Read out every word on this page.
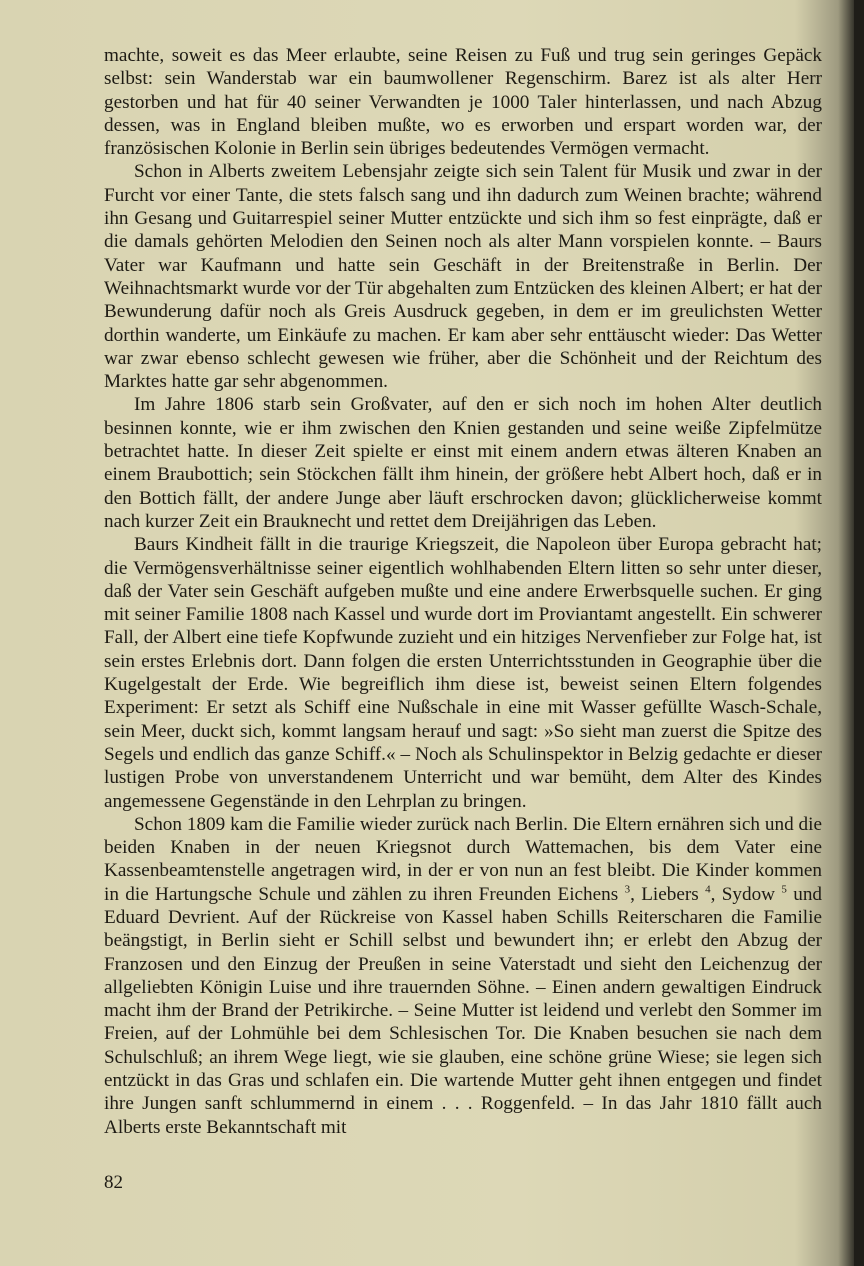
machte, soweit es das Meer erlaubte, seine Reisen zu Fuß und trug sein geringes Gepäck selbst: sein Wanderstab war ein baumwollener Regenschirm. Barez ist als alter Herr gestorben und hat für 40 seiner Verwandten je 1000 Taler hinterlassen, und nach Abzug dessen, was in England bleiben mußte, wo es erworben und erspart worden war, der französischen Kolonie in Berlin sein übriges bedeutendes Vermögen vermacht.

Schon in Alberts zweitem Lebensjahr zeigte sich sein Talent für Musik und zwar in der Furcht vor einer Tante, die stets falsch sang und ihn dadurch zum Weinen brachte; während ihn Gesang und Guitarrespiel seiner Mutter entzückte und sich ihm so fest einprägte, daß er die damals gehörten Melodien den Seinen noch als alter Mann vorspielen konnte. – Baurs Vater war Kaufmann und hatte sein Geschäft in der Breitenstraße in Berlin. Der Weihnachtsmarkt wurde vor der Tür abgehalten zum Entzücken des kleinen Albert; er hat der Bewunderung dafür noch als Greis Ausdruck gegeben, in dem er im greulichsten Wetter dorthin wanderte, um Einkäufe zu machen. Er kam aber sehr enttäuscht wieder: Das Wetter war zwar ebenso schlecht gewesen wie früher, aber die Schönheit und der Reichtum des Marktes hatte gar sehr abgenommen.

Im Jahre 1806 starb sein Großvater, auf den er sich noch im hohen Alter deutlich besinnen konnte, wie er ihm zwischen den Knien gestanden und seine weiße Zipfelmütze betrachtet hatte. In dieser Zeit spielte er einst mit einem andern etwas älteren Knaben an einem Braubottich; sein Stöckchen fällt ihm hinein, der größere hebt Albert hoch, daß er in den Bottich fällt, der andere Junge aber läuft erschrocken davon; glücklicherweise kommt nach kurzer Zeit ein Brauknecht und rettet dem Dreijährigen das Leben.

Baurs Kindheit fällt in die traurige Kriegszeit, die Napoleon über Europa gebracht hat; die Vermögensverhältnisse seiner eigentlich wohlhabenden Eltern litten so sehr unter dieser, daß der Vater sein Geschäft aufgeben mußte und eine andere Erwerbsquelle suchen. Er ging mit seiner Familie 1808 nach Kassel und wurde dort im Proviantamt angestellt. Ein schwerer Fall, der Albert eine tiefe Kopfwunde zuzieht und ein hitziges Nervenfieber zur Folge hat, ist sein erstes Erlebnis dort. Dann folgen die ersten Unterrichtsstunden in Geographie über die Kugelgestalt der Erde. Wie begreiflich ihm diese ist, beweist seinen Eltern folgendes Experiment: Er setzt als Schiff eine Nußschale in eine mit Wasser gefüllte Wasch-Schale, sein Meer, duckt sich, kommt langsam herauf und sagt: »So sieht man zuerst die Spitze des Segels und endlich das ganze Schiff.« – Noch als Schulinspektor in Belzig gedachte er dieser lustigen Probe von unverstandenem Unterricht und war bemüht, dem Alter des Kindes angemessene Gegenstände in den Lehrplan zu bringen.

Schon 1809 kam die Familie wieder zurück nach Berlin. Die Eltern ernähren sich und die beiden Knaben in der neuen Kriegsnot durch Wattemachen, bis dem Vater eine Kassenbeamtenstelle angetragen wird, in der er von nun an fest bleibt. Die Kinder kommen in die Hartungsche Schule und zählen zu ihren Freunden Eichens $^3$, Liebers $^4$, Sydow $^5$ und Eduard Devrient. Auf der Rückreise von Kassel haben Schills Reiterscharen die Familie beängstigt, in Berlin sieht er Schill selbst und bewundert ihn; er erlebt den Abzug der Franzosen und den Einzug der Preußen in seine Vaterstadt und sieht den Leichenzug der allgeliebten Königin Luise und ihre trauernden Söhne. – Einen andern gewaltigen Eindruck macht ihm der Brand der Petrikirche. – Seine Mutter ist leidend und verlebt den Sommer im Freien, auf der Lohmühle bei dem Schlesischen Tor. Die Knaben besuchen sie nach dem Schulschluß; an ihrem Wege liegt, wie sie glauben, eine schöne grüne Wiese; sie legen sich entzückt in das Gras und schlafen ein. Die wartende Mutter geht ihnen entgegen und findet ihre Jungen sanft schlummernd in einem . . . Roggenfeld. – In das Jahr 1810 fällt auch Alberts erste Bekanntschaft mit

82
